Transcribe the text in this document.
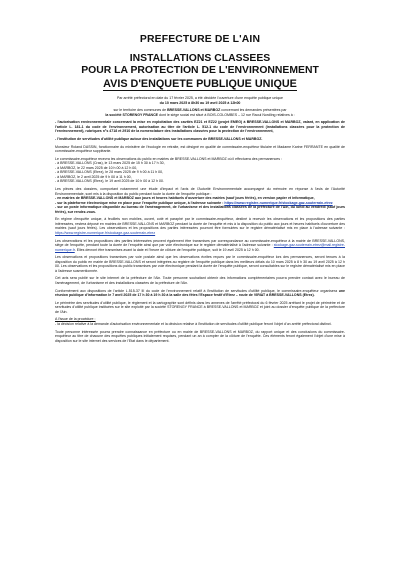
PREFECTURE DE L'AIN
INSTALLATIONS CLASSEES
POUR LA PROTECTION DE L'ENVIRONNEMENT
AVIS D'ENQUETE PUBLIQUE UNIQUE

Par arrêté préfectoral en date du 17 février 2025, a été décidée l'ouverture d'une enquête publique unique
du 10 mars 2025 à 8h30 au 19 avril 2025 à 12h00

sur le territoire des communes de BRESSE-VALLONS et MARBOZ concernant les demandes présentées par
la société STORENGY FRANCE dont le siège social est situé à BOIS-COLOMBES – 12 rue Raoul Nordling relatives à :

- l'autorisation environnementale concernant la mise en exploitation des cavités EZ21 et EZ22 (projet EMEG) à BRESSE-VALLONS et MARBOZ, valant, en application de l'article L. 181-1 du code de l'environnement, autorisation au titre de l'article L. 512-1 du code de l'environnement (installations classées pour la protection de l'environnement), rubriques n°s 4718 et 2910 de la nomenclature des installations classées pour la protection de l'environnement,

- l'institution de servitudes d'utilité publique autour des installations sur les communes de BRESSE-VALLONS et MARBOZ.

Monsieur Roland DASSIN, fonctionnaire du ministère de l'écologie en retraite, est désigné en qualité de commissaire-enquêteur titulaire et Madame Karine FERRANTE en qualité de commissaire-enquêteur suppléante.

Le commissaire-enquêteur recevra les observations du public en mairies de BRESSE-VALLONS et MARBOZ où il effectuera des permanences :
- à BRESSE-VALLONS (Cras), le 13 mars 2025 de 15 h 30 à 17 h 30,
- à MARBOZ, le 22 mars 2025 de 10 h 00 à 12 h 00,
- à BRESSE-VALLONS (Etrez), le 28 mars 2025 de 9 h 00 à 11 h 00,
- à MARBOZ, le 2 avril 2025 de 9 h 00 à 11 h 00,
- à BRESSE-VALLONS (Etrez), le 19 avril 2025 de 10 h 00 à 12 h 00.
Les pièces des dossiers, comportant notamment une étude d'impact et l'avis de l'Autorité Environnementale accompagné du mémoire en réponse à l'avis de l'Autorité Environnementale, sont mis à la disposition du public pendant toute la durée de l'enquête publique :
- en mairies de BRESSE-VALLONS et MARBOZ aux jours et heures habituels d'ouverture des mairies (sauf jours fériés), en version papier et informatique,
- sur la plateforme électronique mise en place pour l'enquête publique unique, à l'adresse suivante : https://www.registre-numerique.fr/stockage-gaz-souterrain-etrez
- sur un poste informatique disponible au bureau de l'aménagement, de l'urbanisme et des installations classées de la préfecture de l'Ain, du lundi au vendredi (sauf jours fériés), sur rendez-vous.

En régime d'enquête unique, à feuillets non mobiles, ouvert, coté et paraphé par le commissaire-enquêteur, destiné à recevoir les observations et les propositions des parties intéressées, restera déposé en mairies de BRESSE-VALLONS et MARBOZ pendant la durée de l'enquête et mis à la disposition du public aux jours et heures habituels d'ouverture des mairies (sauf jours fériés). Les observations et les propositions des parties intéressées pourront être formulées sur le registre dématérialisé mis en place à l'adresse suivante : https://www.registre-numerique.fr/stockage-gaz-souterrain-etrez

Les observations et les propositions des parties intéressées peuvent également être transmises par correspondance au commissaire-enquêteur à la mairie de BRESSE-VALLONS, siège de l'enquête, pendant toute la durée de l'enquête ainsi que par voie électronique sur le registre dématérialisé à l'adresse suivante : stockage-gaz-souterrain-etrez@mail.registre-numerique.fr. Elles devront être transmises avant la date et l'heure de clôture de l'enquête publique, soit le 19 avril 2025 à 12 h 00.

Les observations et propositions transmises par voie postale ainsi que les observations écrites reçues par le commissaire-enquêteur lors des permanences, seront tenues à la disposition du public en mairie de BRESSE-VALLONS et seront intégrées au registre de l'enquête publique dans les meilleurs délais du 10 mars 2025 à 8 h 30 au 19 avril 2025 à 12 h 00. Les observations et les propositions du public transmises par voie électronique pendant la durée de l'enquête publique, seront consultables sur le registre dématérialisé mis en place à l'adresse susmentionnée.

Cet avis sera publié sur le site internet de la préfecture de l'Ain. Toute personne souhaitant obtenir des informations complémentaires pourra prendre contact avec le bureau de l'aménagement, de l'urbanisme et des installations classées de la préfecture de l'Ain.

Conformément aux dispositions de l'article L.515-37 III du code de l'environnement relatif à l'institution de servitudes d'utilité publique, le commissaire-enquêteur organisera une réunion publique d'information le 7 avril 2025 de 17 h 30 à 19 h 30 à la salle des fêtes l'Espace festif d'Etrez – route de VIRIAT à BRESSE-VALLONS (Etrez).

Le périmètre des servitudes d'utilité publique, le règlement et la cartographie sont définis dans les annexes de l'arrêté préfectoral du 6 février 2025 arrêtant le projet de périmètre et de servitudes d'utilité publique instituées sur le site exploité par la société STORENGY FRANCE à BRESSE-VALLONS et MARBOZ et joint au dossier d'enquête publique de la préfecture de l'Ain.

A l'issue de la procédure :
- la décision relative à la demande d'autorisation environnementale et la décision relative à l'institution de servitudes d'utilité publique feront l'objet d'un arrêté préfectoral distinct.

Toute personne intéressée pourra prendre connaissance en préfecture ou en mairie de BRESSE-VALLONS et MARBOZ, du rapport unique et des conclusions du commissaire-enquêteur au titre de chacune des enquêtes publiques initialement requises, pendant un an à compter de la clôture de l'enquête. Ces éléments feront également l'objet d'une mise à disposition sur le site internet des services de l'Etat dans le département.
